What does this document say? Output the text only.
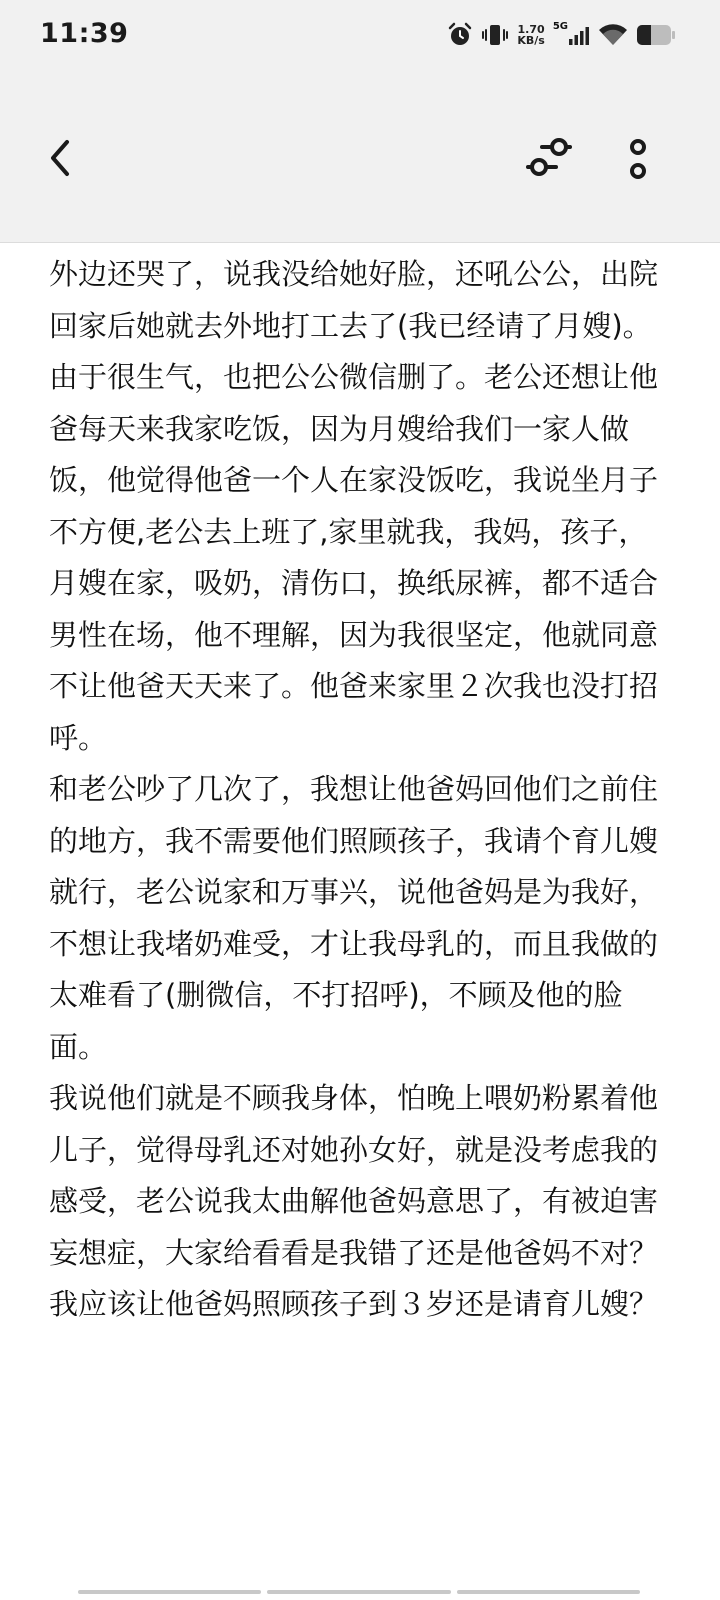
11:39	1.70
KB/s
5G

外边还哭了，说我没给她好脸，还吼公公，出院回家后她就去外地打工去了(我已经请了月嫂)。

由于很生气，也把公公微信删了。老公还想让他爸每天来我家吃饭，因为月嫂给我们一家人做饭，他觉得他爸一个人在家没饭吃，我说坐月子不方便,老公去上班了,家里就我，我妈，孩子，月嫂在家，吸奶，清伤口，换纸尿裤，都不适合男性在场，他不理解，因为我很坚定，他就同意不让他爸天天来了。他爸来家里２次我也没打招呼。

和老公吵了几次了，我想让他爸妈回他们之前住的地方，我不需要他们照顾孩子，我请个育儿嫂就行，老公说家和万事兴，说他爸妈是为我好，不想让我堵奶难受，才让我母乳的，而且我做的太难看了(删微信，不打招呼)，不顾及他的脸面。

我说他们就是不顾我身体，怕晚上喂奶粉累着他儿子，觉得母乳还对她孙女好，就是没考虑我的感受，老公说我太曲解他爸妈意思了，有被迫害妄想症，大家给看看是我错了还是他爸妈不对？我应该让他爸妈照顾孩子到３岁还是请育儿嫂？
